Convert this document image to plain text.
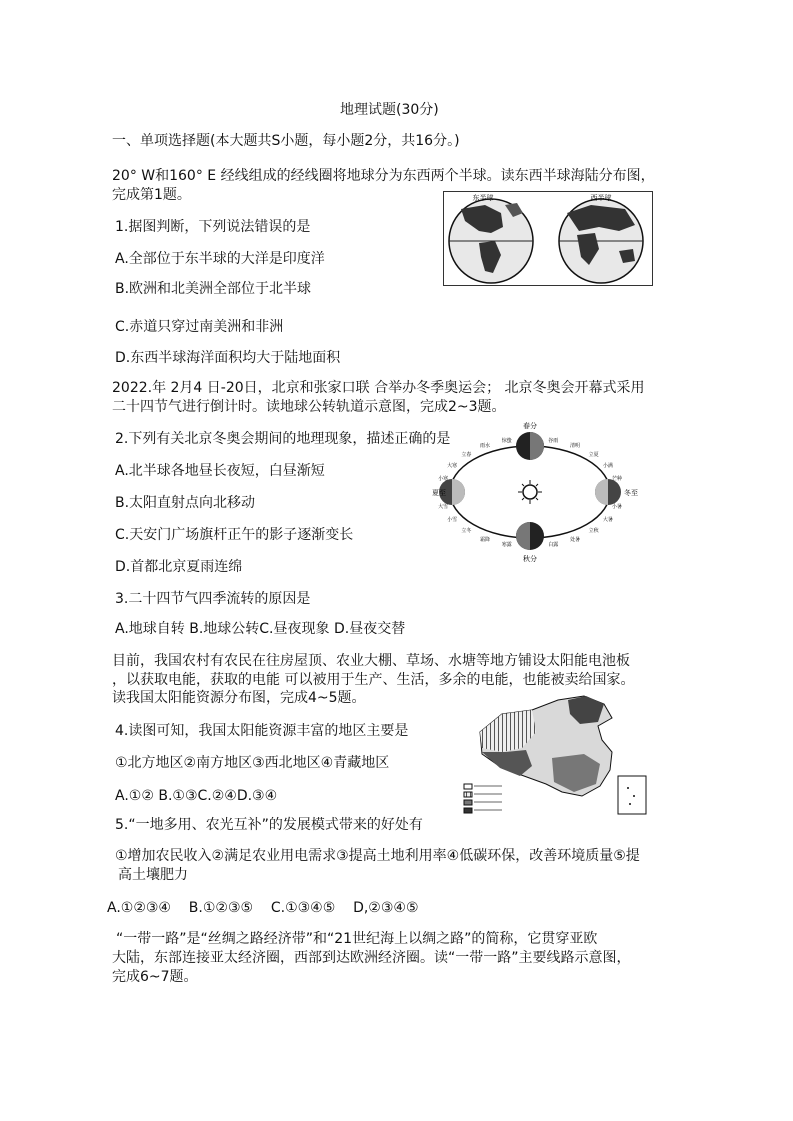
地理试题(30分)
一、单项选择题(本大题共S小题，每小题2分，共16分。)
20° W和160° E 经线组成的经线圈将地球分为东西两个半球。读东西半球海陆分布图，
完成第1题。
1.据图判断，下列说法错误的是
A.全部位于东半球的大洋是印度洋
B.欧洲和北美洲全部位于北半球
C.赤道只穿过南美洲和非洲
D.东西半球海洋面积均大于陆地面积
东半球	西半球
2022.年 2月4 日-20日，北京和张家口联 合举办冬季奥运会； 北京冬奥会开幕式采用
二十四节气进行倒计时。读地球公转轨道示意图，完成2~3题。
2.下列有关北京冬奥会期间的地理现象，描述正确的是
A.北半球各地昼长夜短，白昼渐短
B.太阳直射点向北移动
C.天安门广场旗杆正午的影子逐渐变长
D.首都北京夏雨连绵
春分
秋分
夏至	冬至
谷雨
清明
立夏
小满
芒种
小暑
大暑
立秋
处暑
白露
寒露
霜降
立冬
小雪
大雪
小寒
大寒
立春
雨水
惊蛰
3.二十四节气四季流转的原因是
A.地球自转 B.地球公转C.昼夜现象 D.昼夜交替
目前，我国农村有农民在往房屋顶、农业大棚、草场、水塘等地方铺设太阳能电池板
，以获取电能，获取的电能 可以被用于生产、生活，多余的电能，也能被卖给国家。
读我国太阳能资源分布图，完成4~5题。
4.读图可知，我国太阳能资源丰富的地区主要是
①北方地区②南方地区③西北地区④青藏地区
A.①② B.①③C.②④D.③④
5.“一地多用、农光互补”的发展模式带来的好处有
①增加农民收入②满足农业用电需求③提高土地利用率④低碳环保，改善环境质量⑤提
高土壤肥力
A.①②③④    B.①②③⑤    C.①③④⑤    D,②③④⑤
“一带一路”是“丝绸之路经济带”和“21世纪海上以绸之路”的简称，它贯穿亚欧
大陆，东部连接亚太经济圈，西部到达欧洲经济圈。读“一带一路”主要线路示意图，
完成6~7题。
